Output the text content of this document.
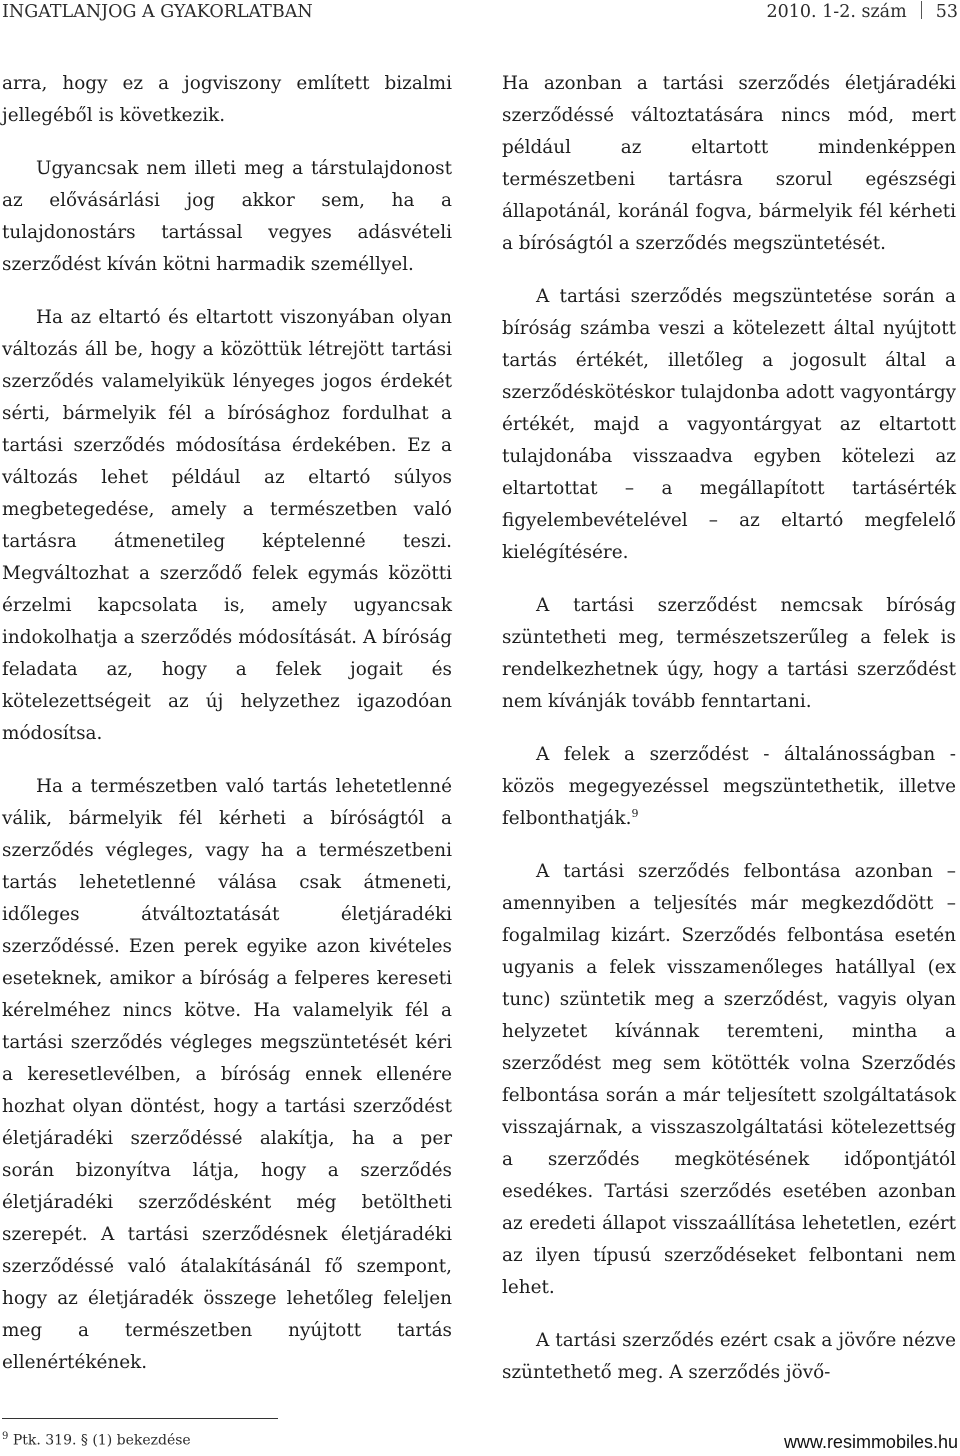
INGATLANJOG A GYAKORLATBAN	2010. 1-2. szám 53

arra, hogy ez a jogviszony említett bizalmi jellegéből is következik.

Ugyancsak nem illeti meg a társtulajdonost az elővásárlási jog akkor sem, ha a tulajdonostárs tartással vegyes adásvételi szerződést kíván kötni harmadik személlyel.

Ha az eltartó és eltartott viszonyában olyan változás áll be, hogy a közöttük létrejött tartási szerződés valamelyikük lényeges jogos érdekét sérti, bármelyik fél a bírósághoz fordulhat a tartási szerződés módosítása érdekében. Ez a változás lehet például az eltartó súlyos megbetegedése, amely a természetben való tartásra átmenetileg képtelenné teszi. Megváltozhat a szerződő felek egymás közötti érzelmi kapcsolata is, amely ugyancsak indokolhatja a szerződés módosítását. A bíróság feladata az, hogy a felek jogait és kötelezettségeit az új helyzethez igazodóan módosítsa.

Ha a természetben való tartás lehetetlenné válik, bármelyik fél kérheti a bíróságtól a szerződés végleges, vagy ha a természetbeni tartás lehetetlenné válása csak átmeneti, időleges átváltoztatását életjáradéki szerződéssé. Ezen perek egyike azon kivételes eseteknek, amikor a bíróság a felperes kereseti kérelméhez nincs kötve. Ha valamelyik fél a tartási szerződés végleges megszüntetését kéri a keresetlevélben, a bíróság ennek ellenére hozhat olyan döntést, hogy a tartási szerződést életjáradéki szerződéssé alakítja, ha a per során bizonyítva látja, hogy a szerződés életjáradéki szerződésként még betöltheti szerepét. A tartási szerződésnek életjáradéki szerződéssé való átalakításánál fő szempont, hogy az életjáradék összege lehetőleg feleljen meg a természetben nyújtott tartás ellenértékének.

Ha azonban a tartási szerződés életjáradéki szerződéssé változtatására nincs mód, mert például az eltartott mindenképpen természetbeni tartásra szorul egészségi állapotánál, koránál fogva, bármelyik fél kérheti a bíróságtól a szerződés megszüntetését.

A tartási szerződés megszüntetése során a bíróság számba veszi a kötelezett által nyújtott tartás értékét, illetőleg a jogosult által a szerződéskötéskor tulajdonba adott vagyontárgy értékét, majd a vagyontárgyat az eltartott tulajdonába visszaadva egyben kötelezi az eltartottat – a megállapított tartásérték figyelembevételével – az eltartó megfelelő kielégítésére.

A tartási szerződést nemcsak bíróság szüntetheti meg, természetszerűleg a felek is rendelkezhetnek úgy, hogy a tartási szerződést nem kívánják tovább fenntartani.

A felek a szerződést - általánosságban - közös megegyezéssel megszüntethetik, illetve felbonthatják.$^9$

A tartási szerződés felbontása azonban – amennyiben a teljesítés már megkezdődött – fogalmilag kizárt. Szerződés felbontása esetén ugyanis a felek visszamenőleges hatállyal (ex tunc) szüntetik meg a szerződést, vagyis olyan helyzetet kívánnak teremteni, mintha a szerződést meg sem kötötték volna Szerződés felbontása során a már teljesített szolgáltatások visszajárnak, a visszaszolgáltatási kötelezettség a szerződés megkötésének időpontjától esedékes. Tartási szerződés esetében azonban az eredeti állapot visszaállítása lehetetlen, ezért az ilyen típusú szerződéseket felbontani nem lehet.

A tartási szerződés ezért csak a jövőre nézve szüntethető meg. A szerződés jövő-

$^9$ Ptk. 319. § (1) bekezdése	www.resimmobiles.hu
